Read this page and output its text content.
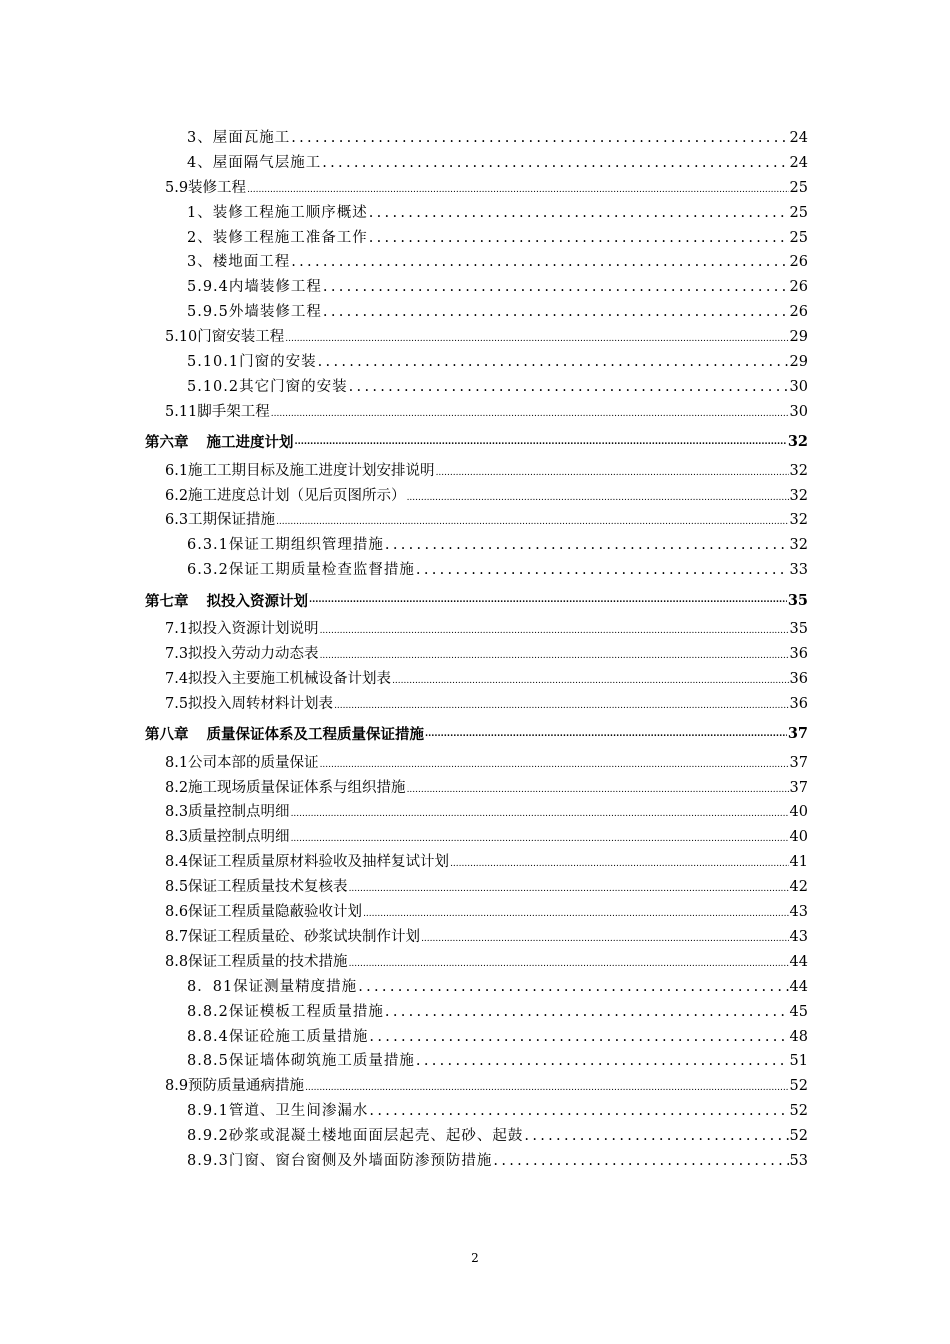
3、屋面瓦施工 .....	24
4、屋面隔气层施工 .....	24
5.9装修工程 .....	25
1、装修工程施工顺序概述 .....	25
2、装修工程施工准备工作 .....	25
3、楼地面工程 .....	26
5.9.4内墙装修工程 .....	26
5.9.5外墙装修工程 .....	26
5.10门窗安装工程 .....	29
5.10.1门窗的安装 .....	29
5.10.2其它门窗的安装 .....	30
5.11脚手架工程 .....	30
第六章 施工进度计划 .....	32
6.1施工工期目标及施工进度计划安排说明 .....	32
6.2施工进度总计划（见后页图所示） .....	32
6.3工期保证措施 .....	32
6.3.1保证工期组织管理措施 .....	32
6.3.2保证工期质量检查监督措施 .....	33
第七章 拟投入资源计划 .....	35
7.1拟投入资源计划说明 .....	35
7.3拟投入劳动力动态表 .....	36
7.4拟投入主要施工机械设备计划表 .....	36
7.5拟投入周转材料计划表 .....	36
第八章 质量保证体系及工程质量保证措施 .....	37
8.1公司本部的质量保证 .....	37
8.2施工现场质量保证体系与组织措施 .....	37
8.3质量控制点明细 .....	40
8.3质量控制点明细 .....	40
8.4保证工程质量原材料验收及抽样复试计划 .....	41
8.5保证工程质量技术复核表 .....	42
8.6保证工程质量隐蔽验收计划 .....	43
8.7保证工程质量砼、砂浆试块制作计划 .....	43
8.8保证工程质量的技术措施 .....	44
8．81保证测量精度措施 .....	44
8.8.2保证模板工程质量措施 .....	45
8.8.4保证砼施工质量措施 .....	48
8.8.5保证墙体砌筑施工质量措施 .....	51
8.9预防质量通病措施 .....	52
8.9.1管道、卫生间渗漏水 .....	52
8.9.2砂浆或混凝土楼地面面层起壳、起砂、起鼓 .....	52
8.9.3门窗、窗台窗侧及外墙面防渗预防措施 .....	53
2
